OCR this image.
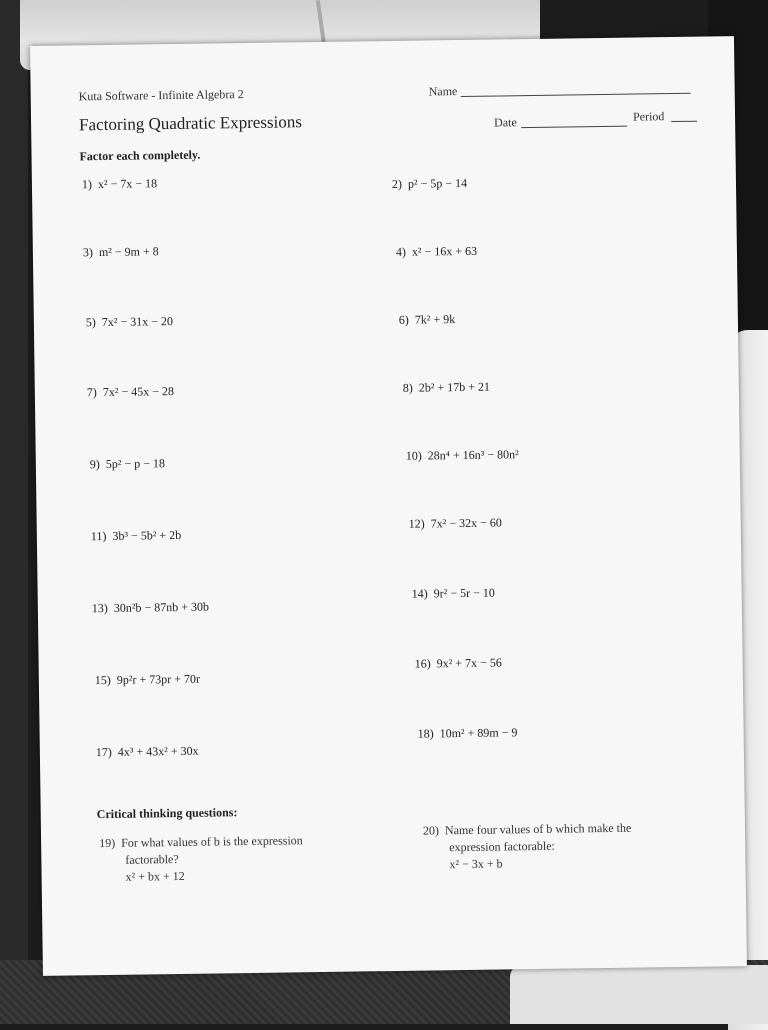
Kuta Software - Infinite Algebra 2
Factoring Quadratic Expressions
Factor each completely.
Name
Date	Period
1) x² − 7x − 18
3) m² − 9m + 8
5) 7x² − 31x − 20
7) 7x² − 45x − 28
9) 5p² − p − 18
11) 3b³ − 5b² + 2b
13) 30n²b − 87nb + 30b
15) 9p²r + 73pr + 70r
17) 4x³ + 43x² + 30x
2) p² − 5p − 14
4) x² − 16x + 63
6) 7k² + 9k
8) 2b² + 17b + 21
10) 28n⁴ + 16n³ − 80n²
12) 7x² − 32x − 60
14) 9r² − 5r − 10
16) 9x² + 7x − 56
18) 10m² + 89m − 9
Critical thinking questions:
19) For what values of b is the expression
factorable?
x² + bx + 12
20) Name four values of b which make the
expression factorable:
x² − 3x + b
